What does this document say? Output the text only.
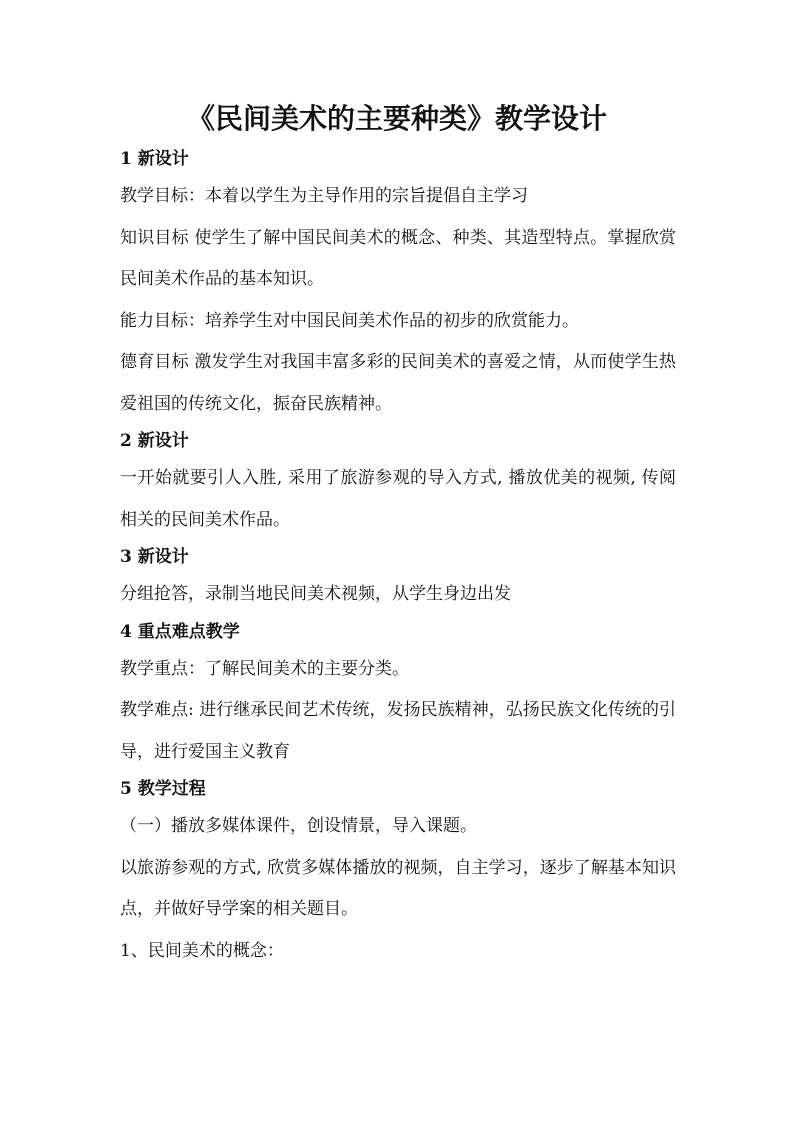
《民间美术的主要种类》教学设计
1 新设计
教学目标：本着以学生为主导作用的宗旨提倡自主学习
知识目标 使学生了解中国民间美术的概念、种类、其造型特点。掌握欣赏民间美术作品的基本知识。
能力目标：培养学生对中国民间美术作品的初步的欣赏能力。
德育目标 激发学生对我国丰富多彩的民间美术的喜爱之情，从而使学生热爱祖国的传统文化，振奋民族精神。
2 新设计
一开始就要引人入胜, 采用了旅游参观的导入方式, 播放优美的视频, 传阅相关的民间美术作品。
3 新设计
分组抢答，录制当地民间美术视频，从学生身边出发
4 重点难点教学
教学重点：了解民间美术的主要分类。
教学难点: 进行继承民间艺术传统，发扬民族精神，弘扬民族文化传统的引导，进行爱国主义教育
5 教学过程
（一）播放多媒体课件，创设情景，导入课题。
以旅游参观的方式, 欣赏多媒体播放的视频，自主学习，逐步了解基本知识点，并做好导学案的相关题目。
1、民间美术的概念：
